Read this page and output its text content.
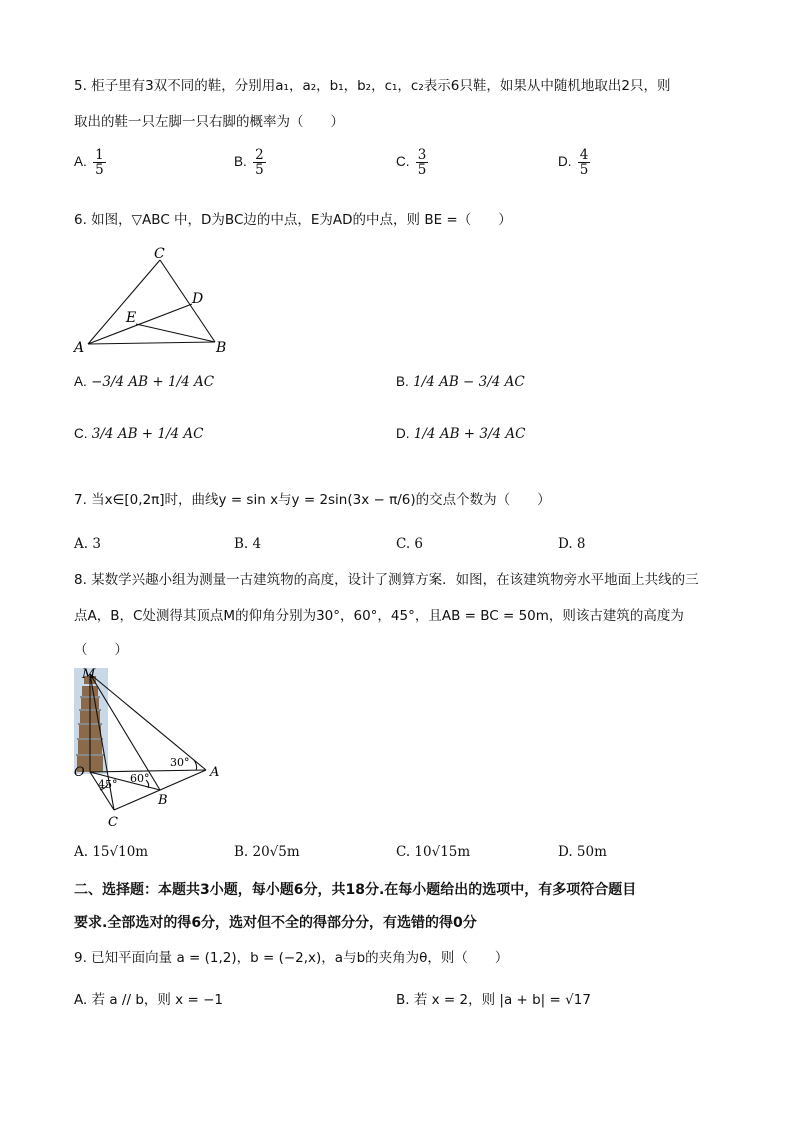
5. 柜子里有3双不同的鞋，分别用a₁，a₂，b₁，b₂，c₁，c₂表示6只鞋，如果从中随机地取出2只，则
取出的鞋一只左脚一只右脚的概率为（　　）
A. $\frac{1}{5}$	B. $\frac{2}{5}$	C. $\frac{3}{5}$	D. $\frac{4}{5}$
6. 如图，▽ABC 中，D为BC边的中点，E为AD的中点，则 BE =（　　）
C
D
E
A	B
A. −3/4 AB + 1/4 AC	B. 1/4 AB − 3/4 AC
C. 3/4 AB + 1/4 AC	D. 1/4 AB + 3/4 AC
7. 当x∈[0,2π]时，曲线y = sin x与y = 2sin(3x − π/6)的交点个数为（　　）
A. 3	B. 4	C. 6	D. 8
8. 某数学兴趣小组为测量一古建筑物的高度，设计了测算方案．如图，在该建筑物旁水平地面上共线的三
点A，B，C处测得其顶点M的仰角分别为30°，60°，45°，且AB = BC = 50m，则该古建筑的高度为
（　　）
M
O	A
B
C
30°
60°
45°
A. 15√10m	B. 20√5m	C. 10√15m	D. 50m
二、选择题：本题共3小题，每小题6分，共18分.在每小题给出的选项中，有多项符合题目
要求.全部选对的得6分，选对但不全的得部分分，有选错的得0分
9. 已知平面向量 a = (1,2)，b = (−2,x)，a与b的夹角为θ，则（　　）
A. 若 a // b，则 x = −1	B. 若 x = 2，则 |a + b| = √17
